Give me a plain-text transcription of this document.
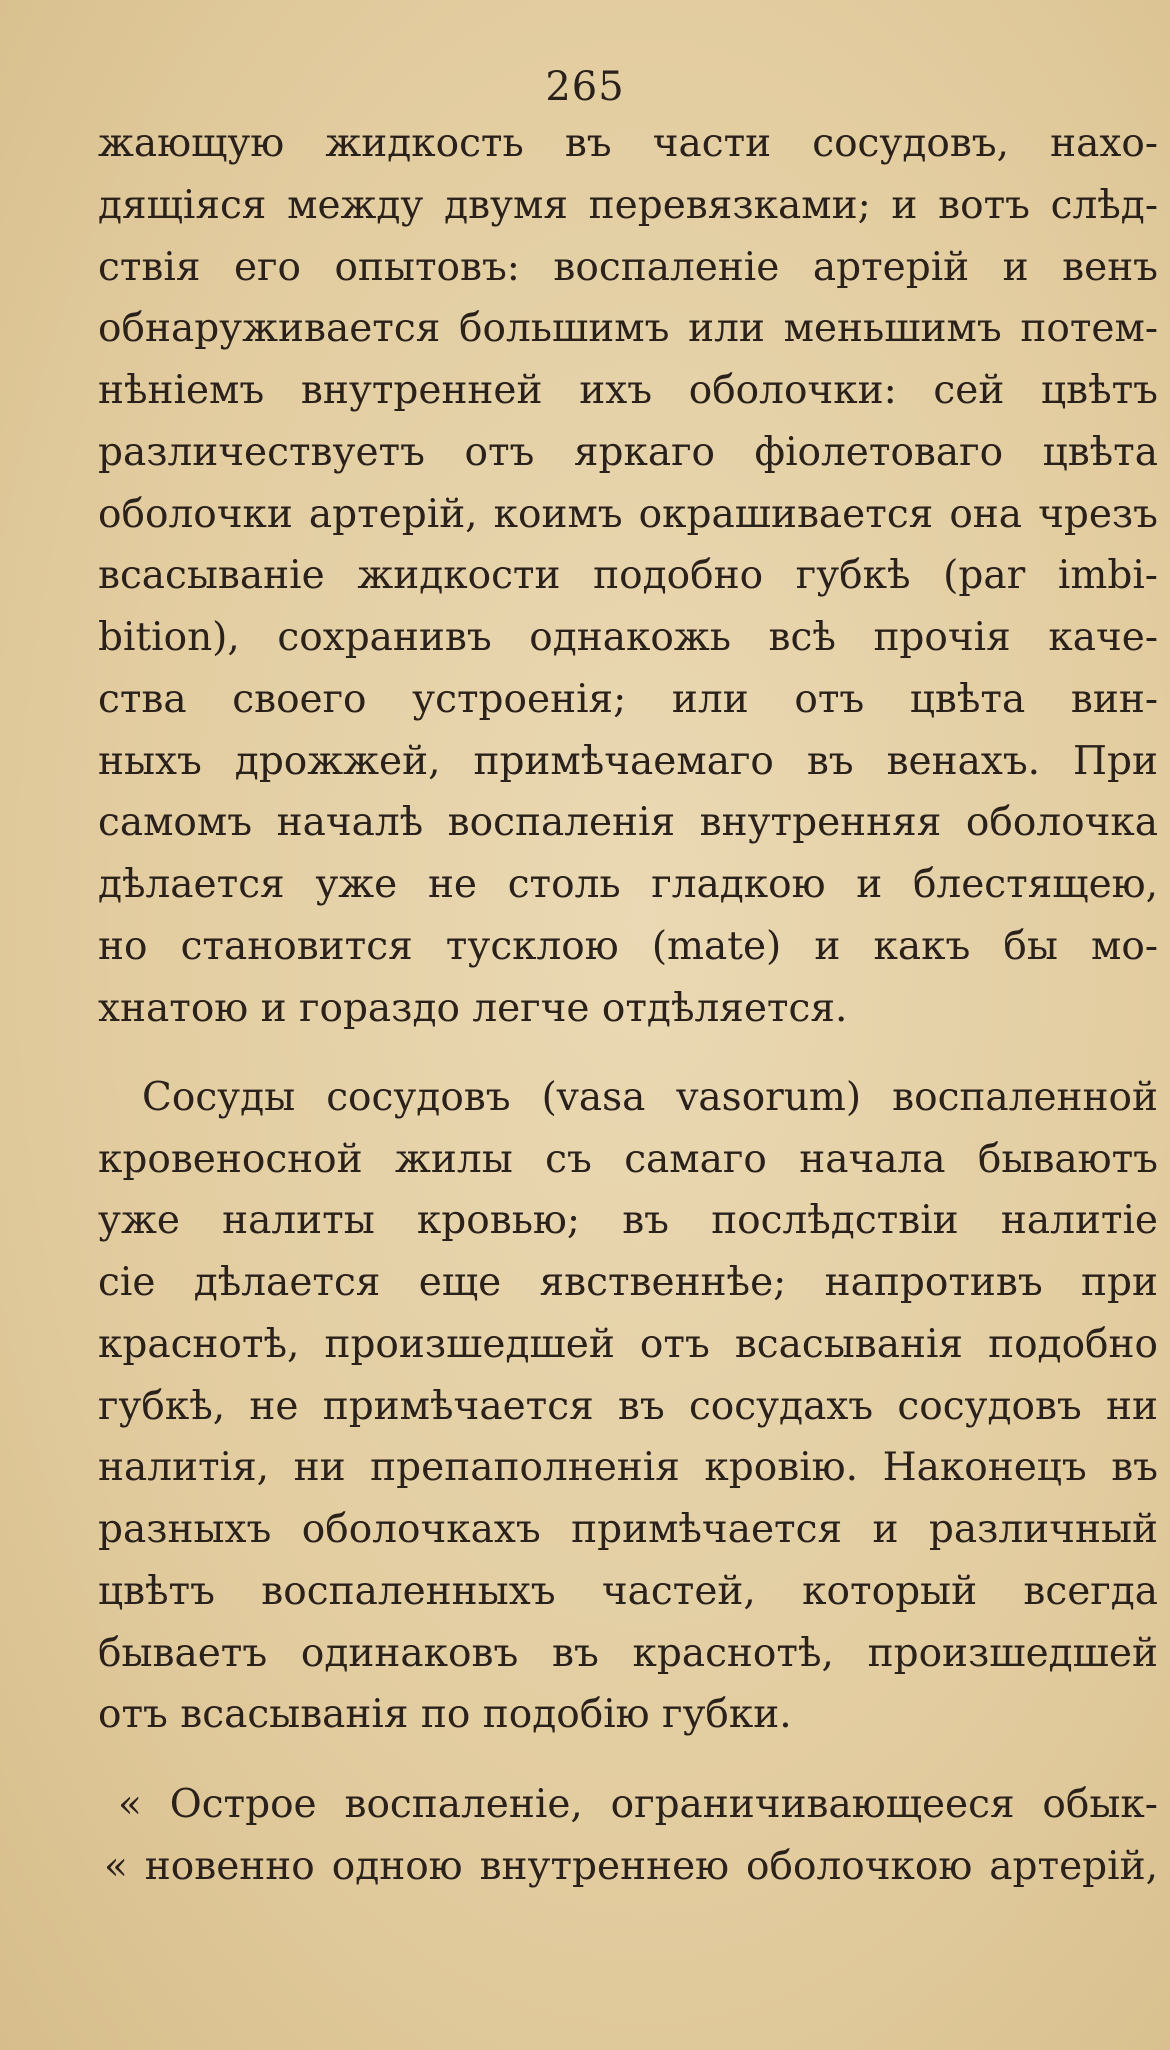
265
жающую жидкость въ части сосудовъ, нахо-
дящіяся между двумя перевязками; и вотъ слѣд-
ствія его опытовъ: воспаленіе артерій и венъ
обнаруживается большимъ или меньшимъ потем-
нѣніемъ внутренней ихъ оболочки: сей цвѣтъ
различествуетъ отъ яркаго фіолетоваго цвѣта
оболочки артерій, коимъ окрашивается она чрезъ
всасываніе жидкости подобно губкѣ (par imbi-
bition), сохранивъ однакожь всѣ прочія каче-
ства своего устроенія; или отъ цвѣта вин-
ныхъ дрожжей, примѣчаемаго въ венахъ. При
самомъ началѣ воспаленія внутренняя оболочка
дѣлается уже не столь гладкою и блестящею,
но становится тусклою (mate) и какъ бы мо-
хнатою и гораздо легче отдѣляется.
Сосуды сосудовъ (vasa vasorum) воспаленной
кровеносной жилы съ самаго начала бываютъ
уже налиты кровью; въ послѣдствіи налитіе
сіе дѣлается еще явственнѣе; напротивъ при
краснотѣ, произшедшей отъ всасыванія подобно
губкѣ, не примѣчается въ сосудахъ сосудовъ ни
налитія, ни препаполненія кровію. Наконецъ въ
разныхъ оболочкахъ примѣчается и различный
цвѣтъ воспаленныхъ частей, который всегда
бываетъ одинаковъ въ краснотѣ, произшедшей
отъ всасыванія по подобію губки.
« Острое воспаленіе, ограничивающееся обык-
« новенно одною внутреннею оболочкою артерій,
